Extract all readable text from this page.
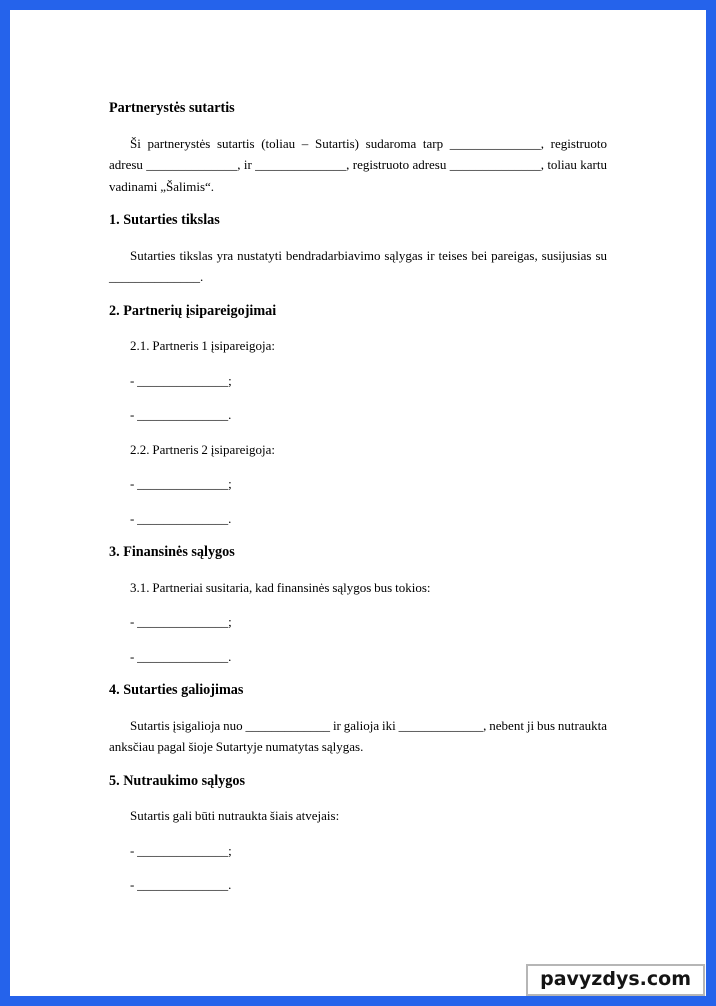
Partnerystės sutartis

Ši partnerystės sutartis (toliau – Sutartis) sudaroma tarp ______________, registruoto adresu ______________, ir ______________, registruoto adresu ______________, toliau kartu vadinami „Šalimis“.

1. Sutarties tikslas

Sutarties tikslas yra nustatyti bendradarbiavimo sąlygas ir teises bei pareigas, susijusias su ______________.

2. Partnerių įsipareigojimai

2.1. Partneris 1 įsipareigoja:

- ______________;

- ______________.

2.2. Partneris 2 įsipareigoja:

- ______________;

- ______________.

3. Finansinės sąlygos

3.1. Partneriai susitaria, kad finansinės sąlygos bus tokios:

- ______________;

- ______________.

4. Sutarties galiojimas

Sutartis įsigalioja nuo _____________ ir galioja iki _____________, nebent ji bus nutraukta anksčiau pagal šioje Sutartyje numatytas sąlygas.

5. Nutraukimo sąlygos

Sutartis gali būti nutraukta šiais atvejais:

- ______________;

- ______________.

pavyzdys.com
